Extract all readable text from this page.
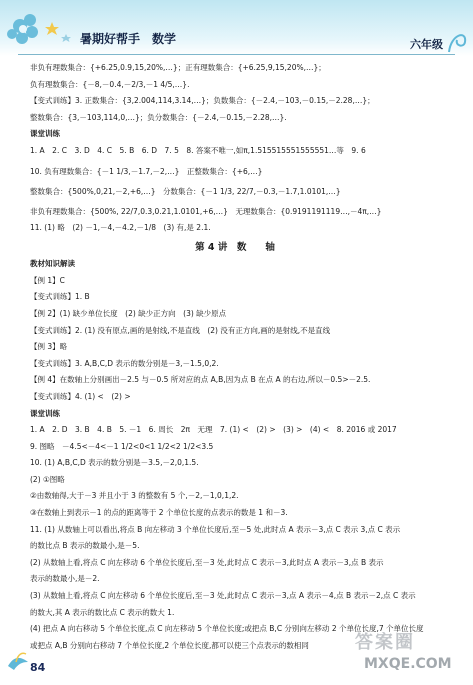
暑期好帮手　数学	六年级
非负有理数集合：{+6.25,0.9,15,20%,…}；正有理数集合：{+6.25,9,15,20%,…}；
负有理数集合：{－8,－0.4,－2/3,－1 4/5,…}.
【变式训练】3. 正数集合：{3,2.004,114,3.14,…}；负数集合：{－2.4,－103,－0.15,－2.28,…}；
整数集合：{3,－103,114,0,…}；负分数集合：{－2.4,－0.15,－2.28,…}.
课堂训练
1. A　2. C　3. D　4. C　5. B　6. D　7. 5　8. 答案不唯一,如π,1.515515551555551…等　9. 6
10. 负有理数集合：{－1 1/3,－1.7,－2,…}　正整数集合：{+6,…}
整数集合：{500%,0,21,－2,+6,…}　分数集合：{－1 1/3, 22/7,－0.3,－1.7,1.0101,…}
非负有理数集合：{500%, 22/7,0.3,0.21,1.0101,+6,…}　无理数集合：{0.9191191119…,－4π,…}
11. (1) 略　(2) －1,－4,－4.2,－1/8　(3) 有,是 2.1.
第 4 讲　数　　轴
教材知识解读
【例 1】C
【变式训练】1. B
【例 2】(1) 缺少单位长度　(2) 缺少正方向　(3) 缺少原点
【变式训练】2. (1) 没有原点,画的是射线,不是直线　(2) 没有正方向,画的是射线,不是直线
【例 3】略
【变式训练】3. A,B,C,D 表示的数分别是－3,－1.5,0,2.
【例 4】在数轴上分别画出－2.5 与－0.5 所对应的点 A,B,因为点 B 在点 A 的右边,所以－0.5>－2.5.
【变式训练】4. (1) <　(2) >
课堂训练
1. A　2. D　3. B　4. B　5. －1　6. 周长　2π　无理　7. (1) <　(2) >　(3) >　(4) <　8. 2016 或 2017
9. 图略　－4.5<－4<－1 1/2<0<1 1/2<2 1/2<3.5
10. (1) A,B,C,D 表示的数分别是－3.5,－2,0,1.5.
(2) ①图略
②由数轴得,大于－3 并且小于 3 的整数有 5 个,－2,－1,0,1,2.
③在数轴上到表示－1 的点的距离等于 2 个单位长度的点表示的数是 1 和－3.
11. (1) 从数轴上可以看出,将点 B 向左移动 3 个单位长度后,至－5 处,此时点 A 表示－3,点 C 表示 3,点 C 表示
的数比点 B 表示的数最小,是－5.
(2) 从数轴上看,将点 C 向左移动 6 个单位长度后,至－3 处,此时点 C 表示－3,此时点 A 表示－3,点 B 表示
表示的数最小,是－2.
(3) 从数轴上看,将点 C 向左移动 6 个单位长度后,至－3 处,此时点 C 表示－3,点 A 表示－4,点 B 表示－2,点 C 表示
的数大,其 A 表示的数比点 C 表示的数大 1.
(4) 把点 A 向右移动 5 个单位长度,点 C 向左移动 5 个单位长度;或把点 B,C 分别向左移动 2 个单位长度,7 个单位长度
或把点 A,B 分别向右移动 7 个单位长度,2 个单位长度,都可以使三个点表示的数相同
84
答案圈
MXQE.COM
